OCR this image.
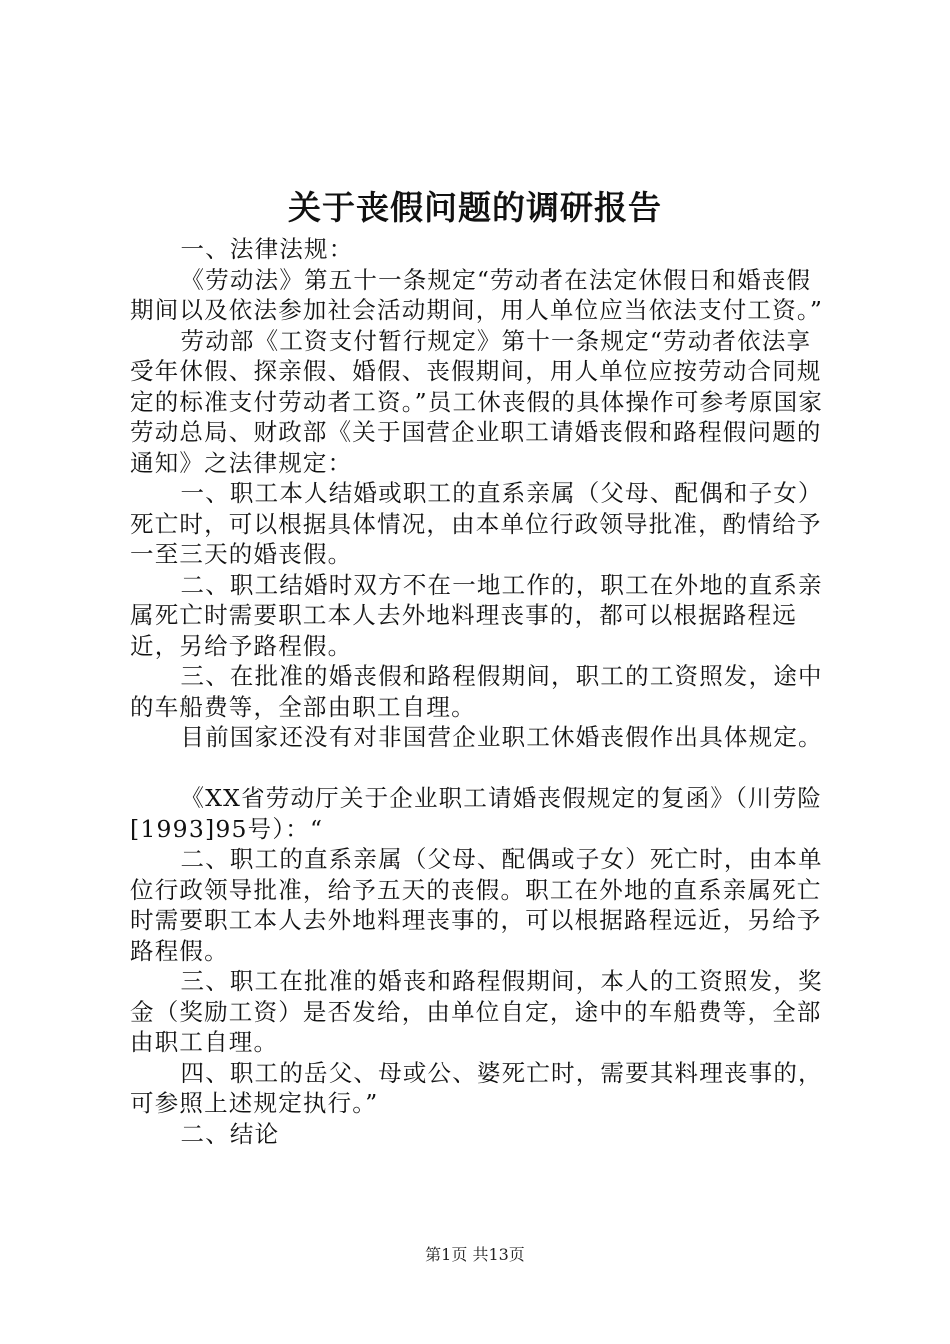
关于丧假问题的调研报告

一、法律法规：

《劳动法》第五十一条规定“劳动者在法定休假日和婚丧假期间以及依法参加社会活动期间，用人单位应当依法支付工资。”

劳动部《工资支付暂行规定》第十一条规定“劳动者依法享受年休假、探亲假、婚假、丧假期间，用人单位应按劳动合同规定的标准支付劳动者工资。”员工休丧假的具体操作可参考原国家劳动总局、财政部《关于国营企业职工请婚丧假和路程假问题的通知》之法律规定：

一、职工本人结婚或职工的直系亲属（父母、配偶和子女）死亡时，可以根据具体情况，由本单位行政领导批准，酌情给予一至三天的婚丧假。

二、职工结婚时双方不在一地工作的，职工在外地的直系亲属死亡时需要职工本人去外地料理丧事的，都可以根据路程远近，另给予路程假。

三、在批准的婚丧假和路程假期间，职工的工资照发，途中的车船费等，全部由职工自理。

目前国家还没有对非国营企业职工休婚丧假作出具体规定。

《XX省劳动厅关于企业职工请婚丧假规定的复函》（川劳险[1993]95号）：“

二、职工的直系亲属（父母、配偶或子女）死亡时，由本单位行政领导批准，给予五天的丧假。职工在外地的直系亲属死亡时需要职工本人去外地料理丧事的，可以根据路程远近，另给予路程假。

三、职工在批准的婚丧和路程假期间，本人的工资照发，奖金（奖励工资）是否发给，由单位自定，途中的车船费等，全部由职工自理。

四、职工的岳父、母或公、婆死亡时，需要其料理丧事的，可参照上述规定执行。”

二、结论

第1页 共13页
